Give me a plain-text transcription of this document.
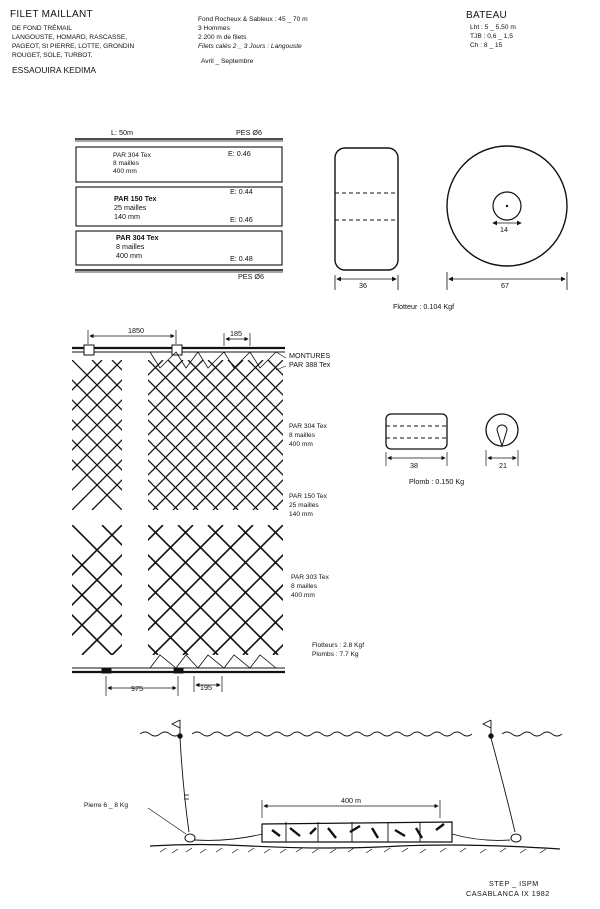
FILET MAILLANT
DE FOND TRÉMAIL
LANGOUSTE, HOMARD, RASCASSE,
PAGEOT, St PIERRE, LOTTE, GRONDIN
ROUGET, SOLE, TURBOT.
ESSAOUIRA KEDIMA
Fond Rocheux & Sableux : 45 _ 70 m
3 Hommes
2 200 m de filets
Filets calés 2 _ 3 Jours : Langouste
Avril _ Septembre
BATEAU
Lht : 5 _ 5,50 m
TJB : 0,6 _ 1,5
Ch : 8 _ 15
L: 50m	PES Ø6
PAR 304 Tex
8 mailles
400 mm
E: 0.46
PAR 150 Tex
25 mailles
140 mm
E: 0.44
E: 0.46
PAR 304 Tex
8 mailles
400 mm	E: 0.48
PES Ø6
36
14
67
Flotteur : 0.104 Kgf
1850	185
MONTURES
PAR 388 Tex
PAR 304 Tex
8 mailles
400 mm
PAR 150 Tex
25 mailles
140 mm
PAR 303 Tex
8 mailles
400 mm
Flotteurs : 2.8 Kgf
Plombs : 7.7 Kg
975	195
38	21
Plomb : 0.150 Kg
Pierre 6 _ 8 Kg
400 m
STEP _ ISPM
CASABLANCA IX 1982
